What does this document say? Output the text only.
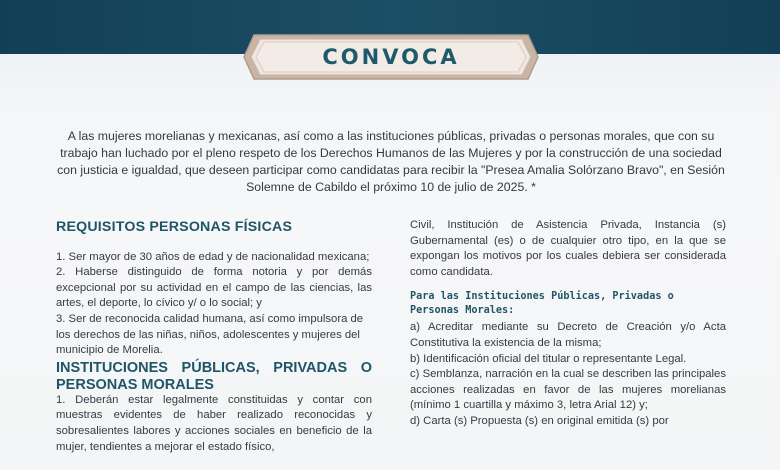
CONVOCA
A las mujeres morelianas y mexicanas, así como a las instituciones públicas, privadas o personas morales, que con su trabajo han luchado por el pleno respeto de los Derechos Humanos de las Mujeres y por la construcción de una sociedad con justicia e igualdad, que deseen participar como candidatas para recibir la "Presea Amalia Solórzano Bravo", en Sesión Solemne de Cabildo el próximo 10 de julio de 2025. *
REQUISITOS PERSONAS FÍSICAS

1. Ser mayor de 30 años de edad y de nacionalidad mexicana;

2. Haberse distinguido de forma notoria y por demás excepcional por su actividad en el campo de las ciencias, las artes, el deporte, lo cívico y/ o lo social; y

3. Ser de reconocida calidad humana, así como impulsora de los derechos de las niñas, niños, adolescentes y mujeres del municipio de Morelia.

INSTITUCIONES PÚBLICAS, PRIVADAS O
PERSONAS MORALES

1. Deberán estar legalmente constituidas y contar con muestras evidentes de haber realizado reconocidas y sobresalientes labores y acciones sociales en beneficio de la mujer, tendientes a mejorar el estado físico,

Civil, Institución de Asistencia Privada, Instancia (s) Gubernamental (es) o de cualquier otro tipo, en la que se expongan los motivos por los cuales debiera ser considerada como candidata.

Para las Instituciones Públicas, Privadas o Personas Morales:

a) Acreditar mediante su Decreto de Creación y/o Acta Constitutiva la existencia de la misma;

b) Identificación oficial del titular o representante Legal.

c) Semblanza, narración en la cual se describen las principales acciones realizadas en favor de las mujeres morelianas (mínimo 1 cuartilla y máximo 3, letra Arial 12) y;

d) Carta (s) Propuesta (s) en original emitida (s) por
